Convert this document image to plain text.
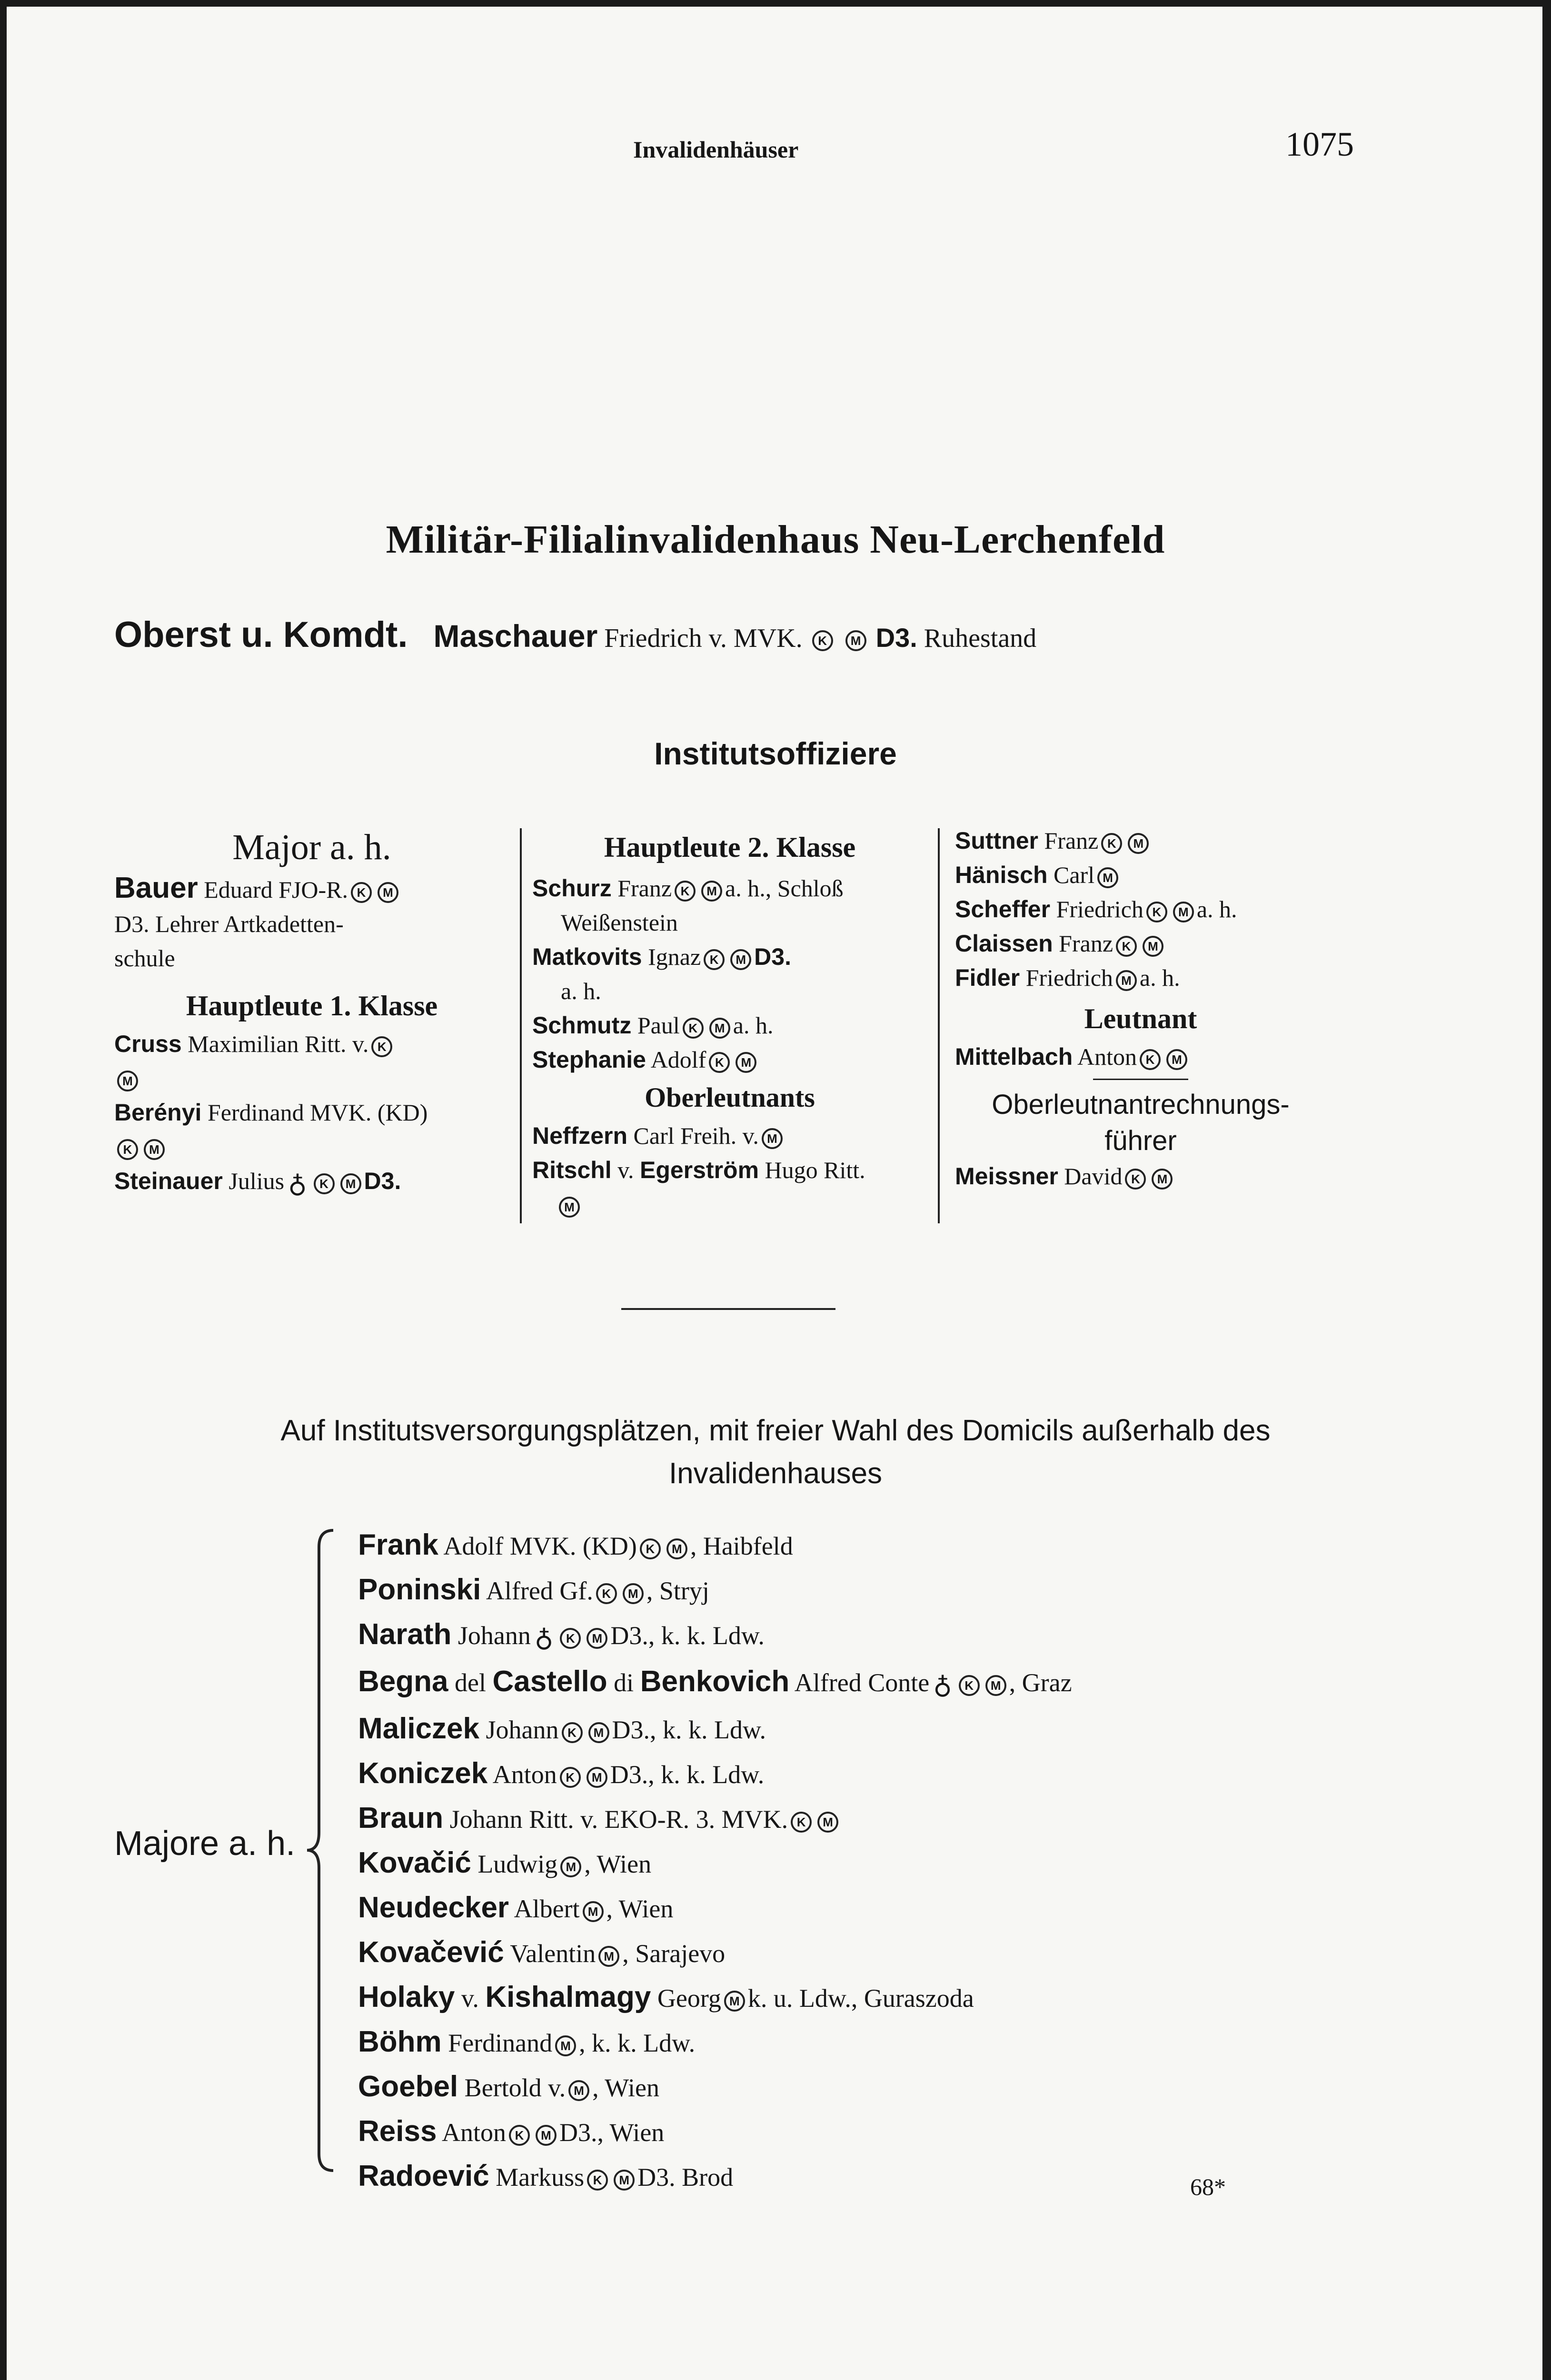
Invalidenhäuser	1075
Militär-Filialinvalidenhaus Neu-Lerchenfeld
Oberst u. Komdt. Maschauer Friedrich v. MVK. K M D3. Ruhestand
Institutsoffiziere
Major a. h.
Bauer Eduard FJO-R. K M
D3. Lehrer Artkadetten-
schule
Hauptleute 1. Klasse
Cruss Maximilian Ritt. v. K
M
Berényi Ferdinand MVK. (KD)
K M
Steinauer Julius ♁ K M D3.
Hauptleute 2. Klasse
Schurz Franz K M a. h., Schloß
Weißenstein
Matkovits Ignaz K M D3.
a. h.
Schmutz Paul K M a. h.
Stephanie Adolf K M
Oberleutnants
Neffzern Carl Freih. v. M
Ritschl v. Egerström Hugo Ritt.
M
Suttner Franz K M
Hänisch Carl M
Scheffer Friedrich K M a. h.
Claissen Franz K M
Fidler Friedrich M a. h.
Leutnant
Mittelbach Anton K M
Oberleutnantrechnungs-
führer
Meissner David K M
Auf Institutsversorgungsplätzen, mit freier Wahl des Domicils außerhalb des
Invalidenhauses
Majore a. h.
Frank Adolf MVK. (KD) K M , Haibfeld
Poninski Alfred Gf. K M , Stryj
Narath Johann ♁ K M D3., k. k. Ldw.
Begna del Castello di Benkovich Alfred Conte ♁ K M , Graz
Maliczek Johann K M D3., k. k. Ldw.
Koniczek Anton K M D3., k. k. Ldw.
Braun Johann Ritt. v. EKO-R. 3. MVK. K M
Kovačić Ludwig M , Wien
Neudecker Albert M , Wien
Kovačević Valentin M , Sarajevo
Holaky v. Kishalmagy Georg M k. u. Ldw., Guraszoda
Böhm Ferdinand M , k. k. Ldw.
Goebel Bertold v. M , Wien
Reiss Anton K M D3., Wien
Radoević Markuss K M D3. Brod	68*
